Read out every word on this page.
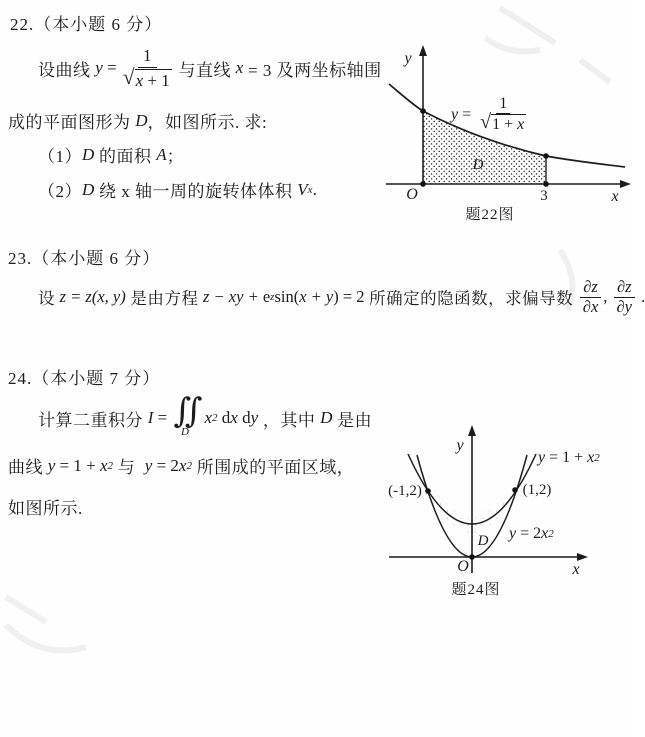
22.（本小题 6 分）
设曲线 $y = \frac{1}{√ x + 1}$ 与直线 x = 3 及两坐标轴围
成的平面图形为 D ，如图所示. 求:
（1） D 的面积 A ；
（2） D 绕 x 轴一周的旋转体体积 V x .
y
x
O	3
D
$y = \frac{1}{√ 1 + x}$
题22图
23.（本小题 6 分）
设 z = z(x, y) 是由方程 z − xy + e z sin( x + y ) = 2 所确定的隐函数，求偏导数 $\frac{\partial z}{\partial x}$ , $\frac{\partial z}{\partial y}$ .
24.（本小题 7 分）
计算二重积分 I = ∬
D
x 2 d x d y ，其中 D 是由
曲线 y = 1 + x 2 与 y = 2 x 2 所围成的平面区域，
如图所示.
y
x
O
(-1,2)	(1,2)
D
y = 1 + x 2
y = 2 x 2
题24图
